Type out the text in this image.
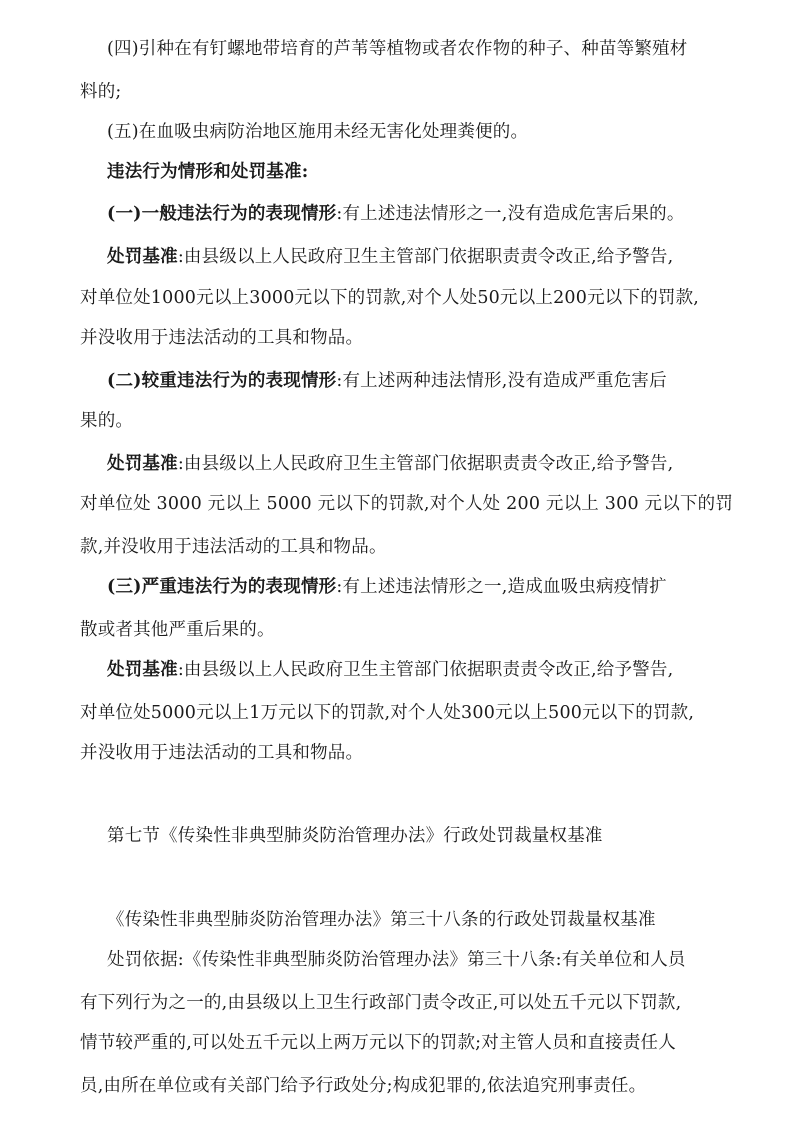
(四)引种在有钉螺地带培育的芦苇等植物或者农作物的种子、种苗等繁殖材
料的;
(五)在血吸虫病防治地区施用未经无害化处理粪便的。
违法行为情形和处罚基准:
(一)一般违法行为的表现情形:有上述违法情形之一,没有造成危害后果的。
处罚基准:由县级以上人民政府卫生主管部门依据职责责令改正,给予警告,
对单位处1000元以上3000元以下的罚款,对个人处50元以上200元以下的罚款,
并没收用于违法活动的工具和物品。
(二)较重违法行为的表现情形:有上述两种违法情形,没有造成严重危害后
果的。
处罚基准:由县级以上人民政府卫生主管部门依据职责责令改正,给予警告,
对单位处 3000 元以上 5000 元以下的罚款,对个人处 200 元以上 300 元以下的罚
款,并没收用于违法活动的工具和物品。
(三)严重违法行为的表现情形:有上述违法情形之一,造成血吸虫病疫情扩
散或者其他严重后果的。
处罚基准:由县级以上人民政府卫生主管部门依据职责责令改正,给予警告,
对单位处5000元以上1万元以下的罚款,对个人处300元以上500元以下的罚款,
并没收用于违法活动的工具和物品。
第七节《传染性非典型肺炎防治管理办法》行政处罚裁量权基准
《传染性非典型肺炎防治管理办法》第三十八条的行政处罚裁量权基准
处罚依据:《传染性非典型肺炎防治管理办法》第三十八条:有关单位和人员
有下列行为之一的,由县级以上卫生行政部门责令改正,可以处五千元以下罚款,
情节较严重的,可以处五千元以上两万元以下的罚款;对主管人员和直接责任人
员,由所在单位或有关部门给予行政处分;构成犯罪的,依法追究刑事责任。
